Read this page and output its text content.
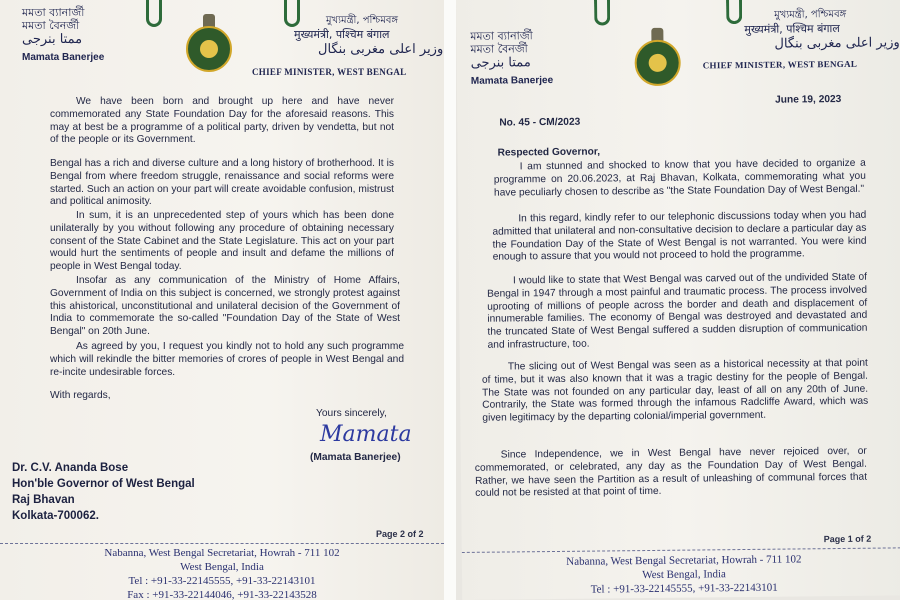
মমতা ব্যানার্জী
মমতা বৈনর্জী
ممتا بنرجی
Mamata Banerjee
মুখ্যমন্ত্রী, পশ্চিমবঙ্গ
मुख्यमंत्री, पश्चिम बंगाल
وزیر اعلی مغربی بنگال
CHIEF MINISTER, WEST BENGAL

We have been born and brought up here and have never commemorated any State Foundation Day for the aforesaid reasons. This may at best be a programme of a political party, driven by vendetta, but not of the people or its Government.

Bengal has a rich and diverse culture and a long history of brotherhood. It is Bengal from where freedom struggle, renaissance and social reforms were started. Such an action on your part will create avoidable confusion, mistrust and political animosity.

In sum, it is an unprecedented step of yours which has been done unilaterally by you without following any procedure of obtaining necessary consent of the State Cabinet and the State Legislature. This act on your part would hurt the sentiments of people and insult and defame the millions of people in West Bengal today.

Insofar as any communication of the Ministry of Home Affairs, Government of India on this subject is concerned, we strongly protest against this ahistorical, unconstitutional and unilateral decision of the Government of India to commemorate the so-called "Foundation Day of the State of West Bengal" on 20th June.

As agreed by you, I request you kindly not to hold any such programme which will rekindle the bitter memories of crores of people in West Bengal and re-incite undesirable forces.

With regards,
Yours sincerely,
Mamata
(Mamata Banerjee)
Dr. C.V. Ananda Bose
Hon'ble Governor of West Bengal
Raj Bhavan
Kolkata-700062.
Page 2 of 2
Nabanna, West Bengal Secretariat, Howrah - 711 102
West Bengal, India
Tel : +91-33-22145555, +91-33-22143101
Fax : +91-33-22144046, +91-33-22143528
মমতা ব্যানার্জী
মমতা বৈনর্জী
ممتا بنرجی
Mamata Banerjee
মুখ্যমন্ত্রী, পশ্চিমবঙ্গ
मुख्यमंत्री, पश्चिम बंगाल
وزیر اعلی مغربی بنگال
CHIEF MINISTER, WEST BENGAL
June 19, 2023
No. 45 - CM/2023
Respected Governor,

I am stunned and shocked to know that you have decided to organize a programme on 20.06.2023, at Raj Bhavan, Kolkata, commemorating what you have peculiarly chosen to describe as "the State Foundation Day of West Bengal."

In this regard, kindly refer to our telephonic discussions today when you had admitted that unilateral and non-consultative decision to declare a particular day as the Foundation Day of the State of West Bengal is not warranted. You were kind enough to assure that you would not proceed to hold the programme.

I would like to state that West Bengal was carved out of the undivided State of Bengal in 1947 through a most painful and traumatic process. The process involved uprooting of millions of people across the border and death and displacement of innumerable families. The economy of Bengal was destroyed and devastated and the truncated State of West Bengal suffered a sudden disruption of communication and infrastructure, too.

The slicing out of West Bengal was seen as a historical necessity at that point of time, but it was also known that it was a tragic destiny for the people of Bengal. The State was not founded on any particular day, least of all on any 20th of June. Contrarily, the State was formed through the infamous Radcliffe Award, which was given legitimacy by the departing colonial/imperial government.

Since Independence, we in West Bengal have never rejoiced over, or commemorated, or celebrated, any day as the Foundation Day of West Bengal. Rather, we have seen the Partition as a result of unleashing of communal forces that could not be resisted at that point of time.

Page 1 of 2
Nabanna, West Bengal Secretariat, Howrah - 711 102
West Bengal, India
Tel : +91-33-22145555, +91-33-22143101
